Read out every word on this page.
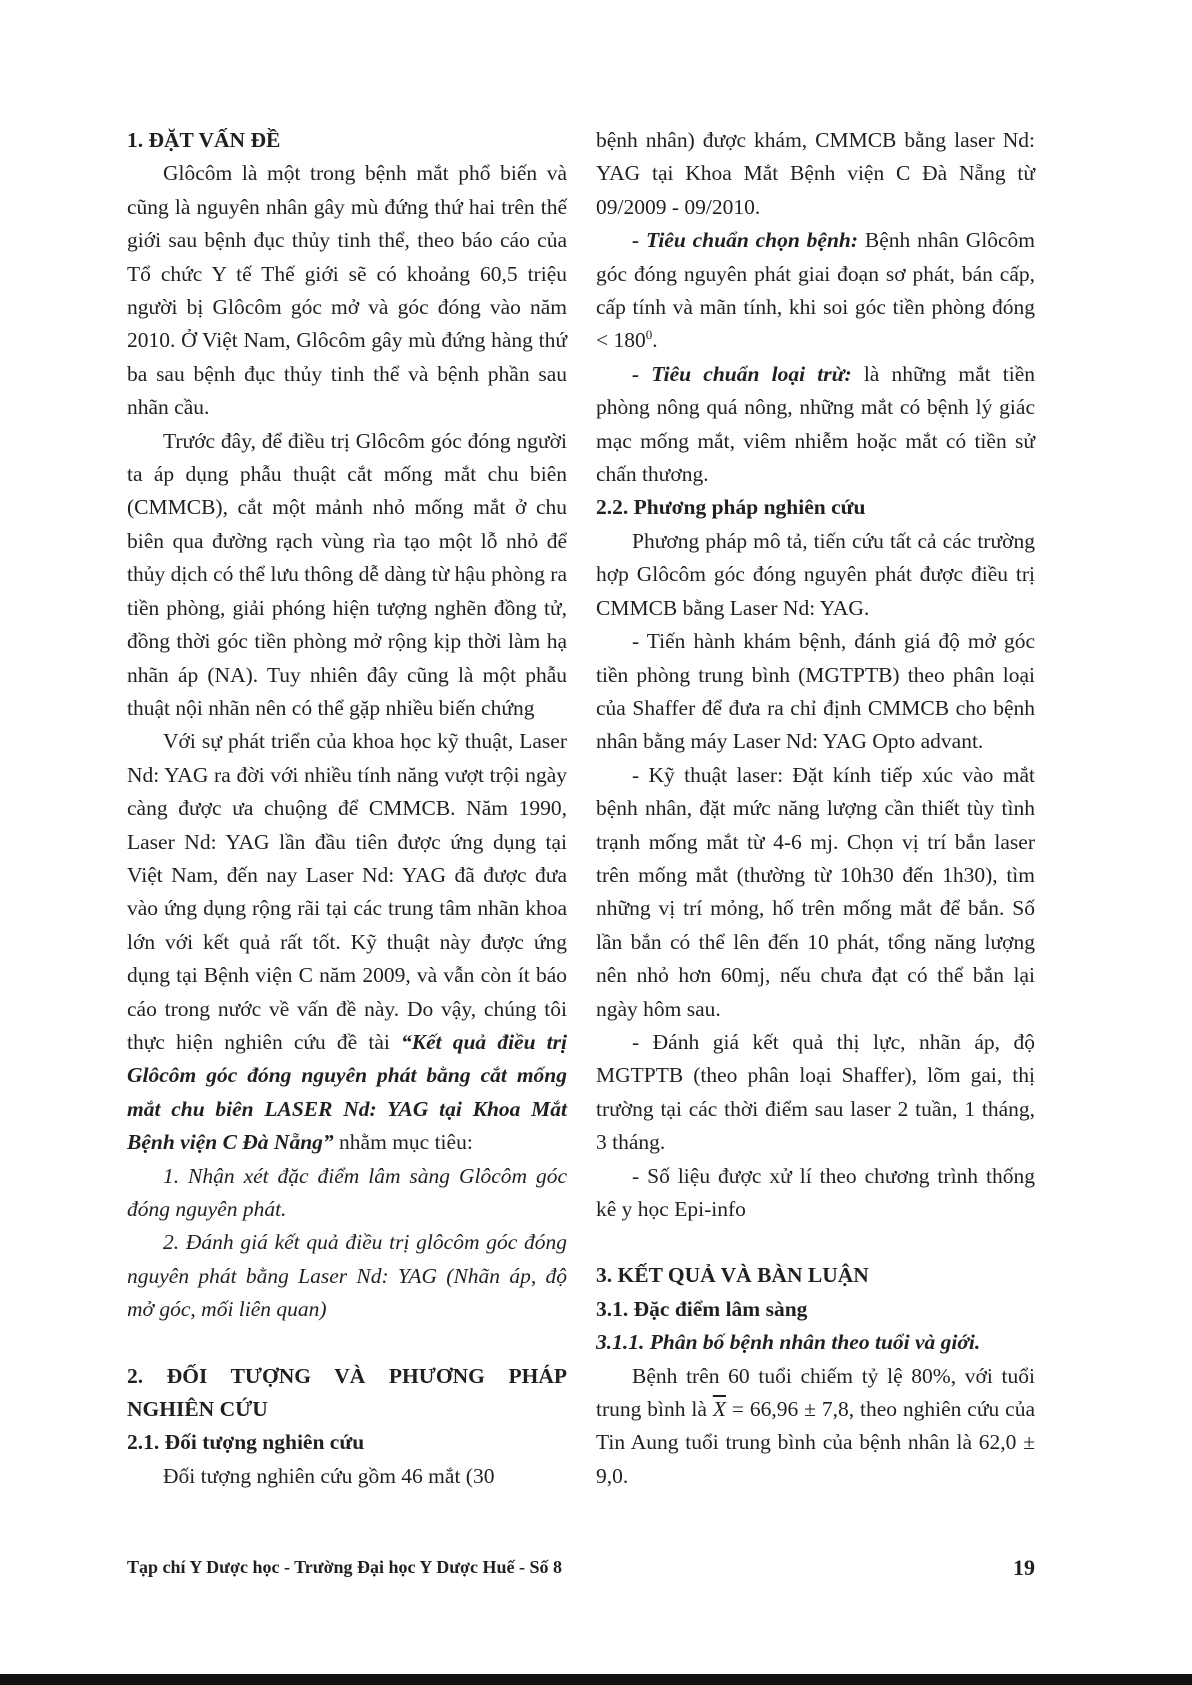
1. ĐẶT VẤN ĐỀ

Glôcôm là một trong bệnh mắt phổ biến và cũng là nguyên nhân gây mù đứng thứ hai trên thế giới sau bệnh đục thủy tinh thể, theo báo cáo của Tổ chức Y tế Thế giới sẽ có khoảng 60,5 triệu người bị Glôcôm góc mở và góc đóng vào năm 2010. Ở Việt Nam, Glôcôm gây mù đứng hàng thứ ba sau bệnh đục thủy tinh thể và bệnh phần sau nhãn cầu.

Trước đây, để điều trị Glôcôm góc đóng người ta áp dụng phẫu thuật cắt mống mắt chu biên (CMMCB), cắt một mảnh nhỏ mống mắt ở chu biên qua đường rạch vùng rìa tạo một lỗ nhỏ để thủy dịch có thể lưu thông dễ dàng từ hậu phòng ra tiền phòng, giải phóng hiện tượng nghẽn đồng tử, đồng thời góc tiền phòng mở rộng kịp thời làm hạ nhãn áp (NA). Tuy nhiên đây cũng là một phẫu thuật nội nhãn nên có thể gặp nhiều biến chứng

Với sự phát triển của khoa học kỹ thuật, Laser Nd: YAG ra đời với nhiều tính năng vượt trội ngày càng được ưa chuộng để CMMCB. Năm 1990, Laser Nd: YAG lần đầu tiên được ứng dụng tại Việt Nam, đến nay Laser Nd: YAG đã được đưa vào ứng dụng rộng rãi tại các trung tâm nhãn khoa lớn với kết quả rất tốt. Kỹ thuật này được ứng dụng tại Bệnh viện C năm 2009, và vẫn còn ít báo cáo trong nước về vấn đề này. Do vậy, chúng tôi thực hiện nghiên cứu đề tài “Kết quả điều trị Glôcôm góc đóng nguyên phát bằng cắt mống mắt chu biên LASER Nd: YAG tại Khoa Mắt Bệnh viện C Đà Nẵng” nhằm mục tiêu:

1. Nhận xét đặc điểm lâm sàng Glôcôm góc đóng nguyên phát.

2. Đánh giá kết quả điều trị glôcôm góc đóng nguyên phát bằng Laser Nd: YAG (Nhãn áp, độ mở góc, mối liên quan)

2. ĐỐI TƯỢNG VÀ PHƯƠNG PHÁP NGHIÊN CỨU
2.1. Đối tượng nghiên cứu

Đối tượng nghiên cứu gồm 46 mắt (30

bệnh nhân) được khám, CMMCB bằng laser Nd: YAG tại Khoa Mắt Bệnh viện C Đà Nẵng từ 09/2009 - 09/2010.

- Tiêu chuẩn chọn bệnh: Bệnh nhân Glôcôm góc đóng nguyên phát giai đoạn sơ phát, bán cấp, cấp tính và mãn tính, khi soi góc tiền phòng đóng < $180^0$.

- Tiêu chuẩn loại trừ: là những mắt tiền phòng nông quá nông, những mắt có bệnh lý giác mạc mống mắt, viêm nhiễm hoặc mắt có tiền sử chấn thương.

2.2. Phương pháp nghiên cứu

Phương pháp mô tả, tiến cứu tất cả các trường hợp Glôcôm góc đóng nguyên phát được điều trị CMMCB bằng Laser Nd: YAG.

- Tiến hành khám bệnh, đánh giá độ mở góc tiền phòng trung bình (MGTPTB) theo phân loại của Shaffer để đưa ra chỉ định CMMCB cho bệnh nhân bằng máy Laser Nd: YAG Opto advant.

- Kỹ thuật laser: Đặt kính tiếp xúc vào mắt bệnh nhân, đặt mức năng lượng cần thiết tùy tình trạnh mống mắt từ 4-6 mj. Chọn vị trí bắn laser trên mống mắt (thường từ 10h30 đến 1h30), tìm những vị trí mỏng, hố trên mống mắt để bắn. Số lần bắn có thể lên đến 10 phát, tổng năng lượng nên nhỏ hơn 60mj, nếu chưa đạt có thể bắn lại ngày hôm sau.

- Đánh giá kết quả thị lực, nhãn áp, độ MGTPTB (theo phân loại Shaffer), lõm gai, thị trường tại các thời điểm sau laser 2 tuần, 1 tháng, 3 tháng.

- Số liệu được xử lí theo chương trình thống kê y học Epi-info

3. KẾT QUẢ VÀ BÀN LUẬN
3.1. Đặc điểm lâm sàng

3.1.1. Phân bố bệnh nhân theo tuổi và giới.

Bệnh trên 60 tuổi chiếm tỷ lệ 80%, với tuổi trung bình là $\overline{X} = 66,96 \pm 7,8$, theo nghiên cứu của Tin Aung tuổi trung bình của bệnh nhân là 62,0 ± 9,0.

Tạp chí Y Dược học - Trường Đại học Y Dược Huế - Số 8	19
